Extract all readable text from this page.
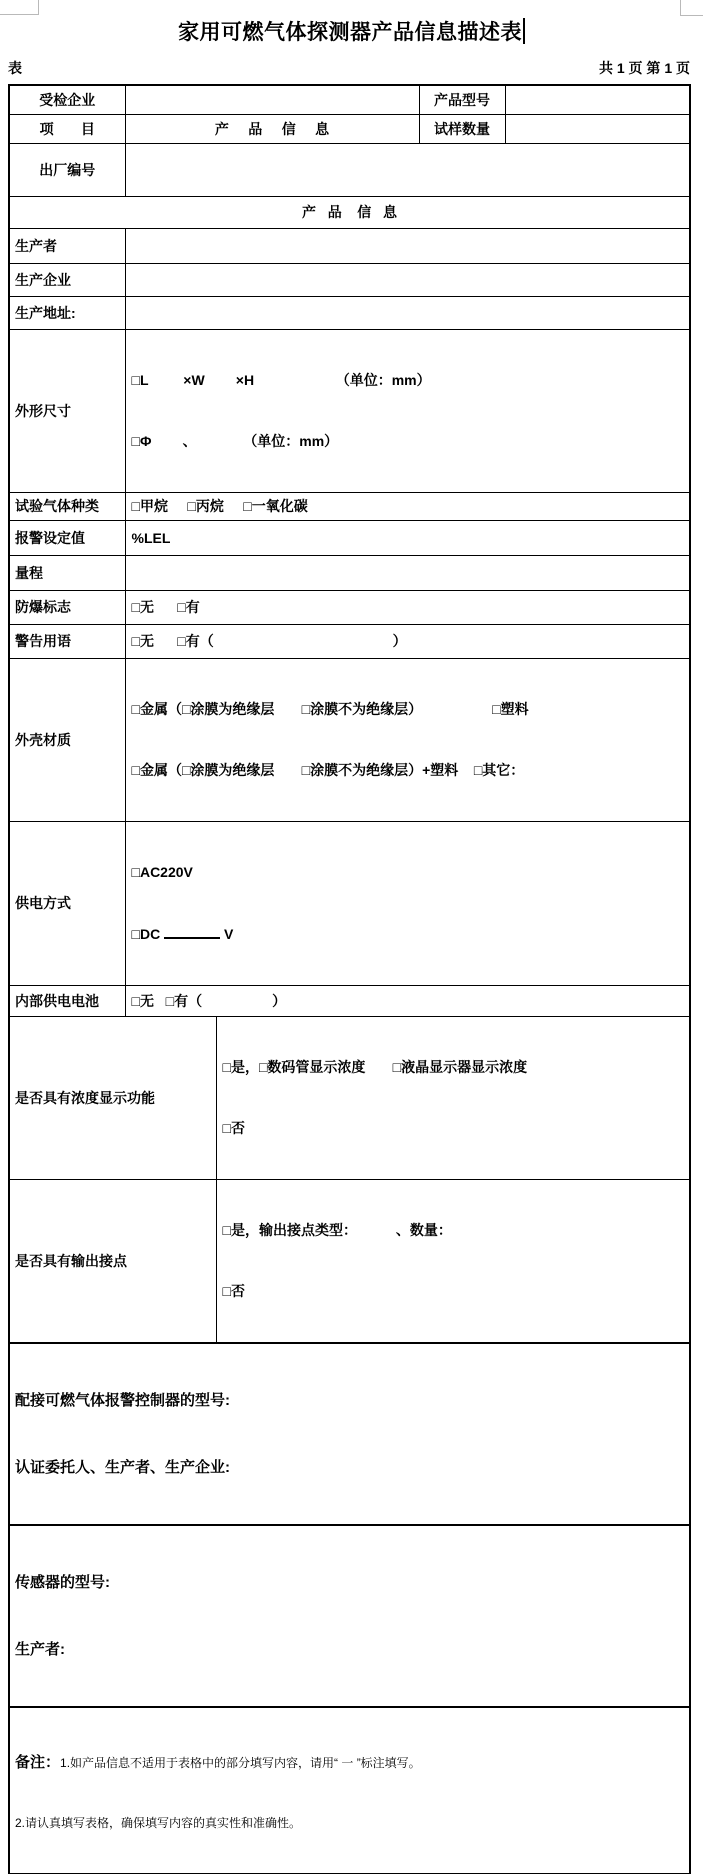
家用可燃气体探测器产品信息描述表
表	共 1 页 第 1 页
受检企业			产品型号	
项       目	产     品     信     息		试样数量	
出厂编号				
产   品    信   息				
生产者				
生产企业				
生产地址:				
外形尺寸	□L         ×W        ×H                     （单位：mm）

□Φ        、            （单位：mm）			

试验气体种类	□甲烷     □丙烷     □一氧化碳			
报警设定值	%LEL			
量程				
防爆标志	□无      □有			
警告用语	□无      □有（                                              ）			
外壳材质	□金属（□涂膜为绝缘层       □涂膜不为绝缘层）                  □塑料

□金属（□涂膜为绝缘层       □涂膜不为绝缘层）+塑料    □其它：			

供电方式	□AC220V

□DC V			

内部供电电池	□无   □有（                  ）			
是否具有浓度显示功能		□是，□数码管显示浓度       □液晶显示器显示浓度

□否		

是否具有输出接点		□是，输出接点类型：          、数量：

□否		

配接可燃气体报警控制器的型号:

认证委托人、生产者、生产企业:				

传感器的型号:

生产者:				

备注：1.如产品信息不适用于表格中的部分填写内容，请用“ 一 ”标注填写。

2.请认真填写表格，确保填写内容的真实性和准确性。				
